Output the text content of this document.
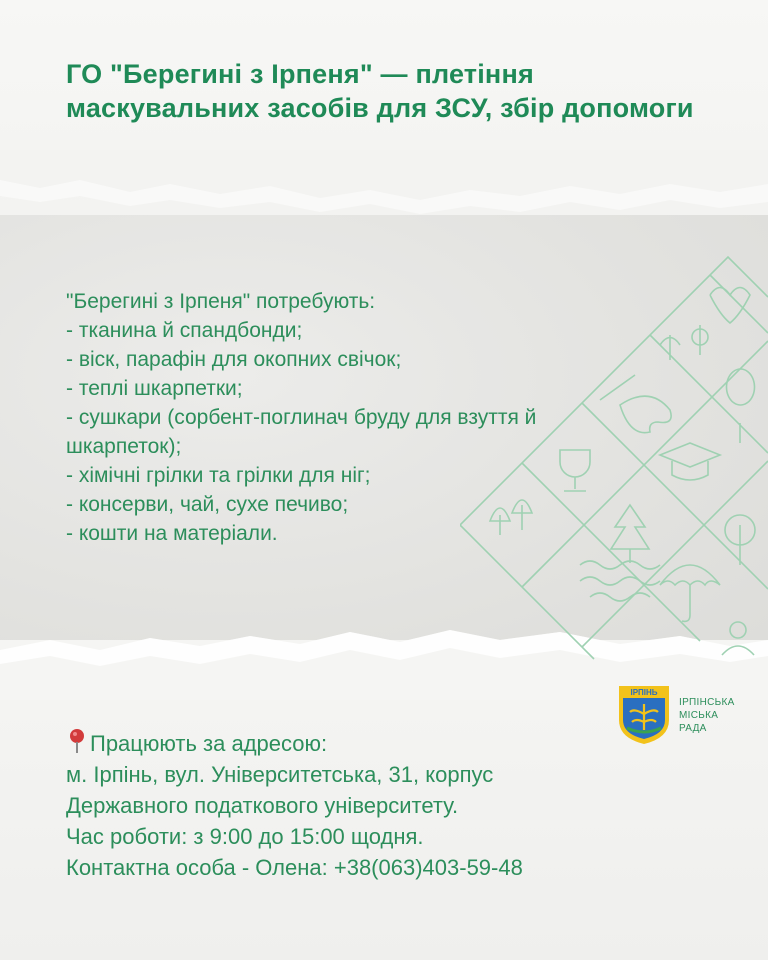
ГО "Берегині з Ірпеня" — плетіння маскувальних засобів для ЗСУ, збір допомоги
"Берегині з Ірпеня" потребують:
- тканина й спандбонди;
- віск, парафін для окопних свічок;
- теплі шкарпетки;
- сушкари (сорбент-поглинач бруду для взуття й шкарпеток);
- хімічні грілки та грілки для ніг;
- консерви, чай, сухе печиво;
- кошти на матеріали.
ІРПІНЬ
ІРПІНСЬКА
МІСЬКА
РАДА
Працюють за адресою:
м. Ірпінь, вул. Університетська, 31, корпус
Державного податкового університету.
Час роботи: з 9:00 до 15:00 щодня.
Контактна особа - Олена: +38(063)403-59-48
